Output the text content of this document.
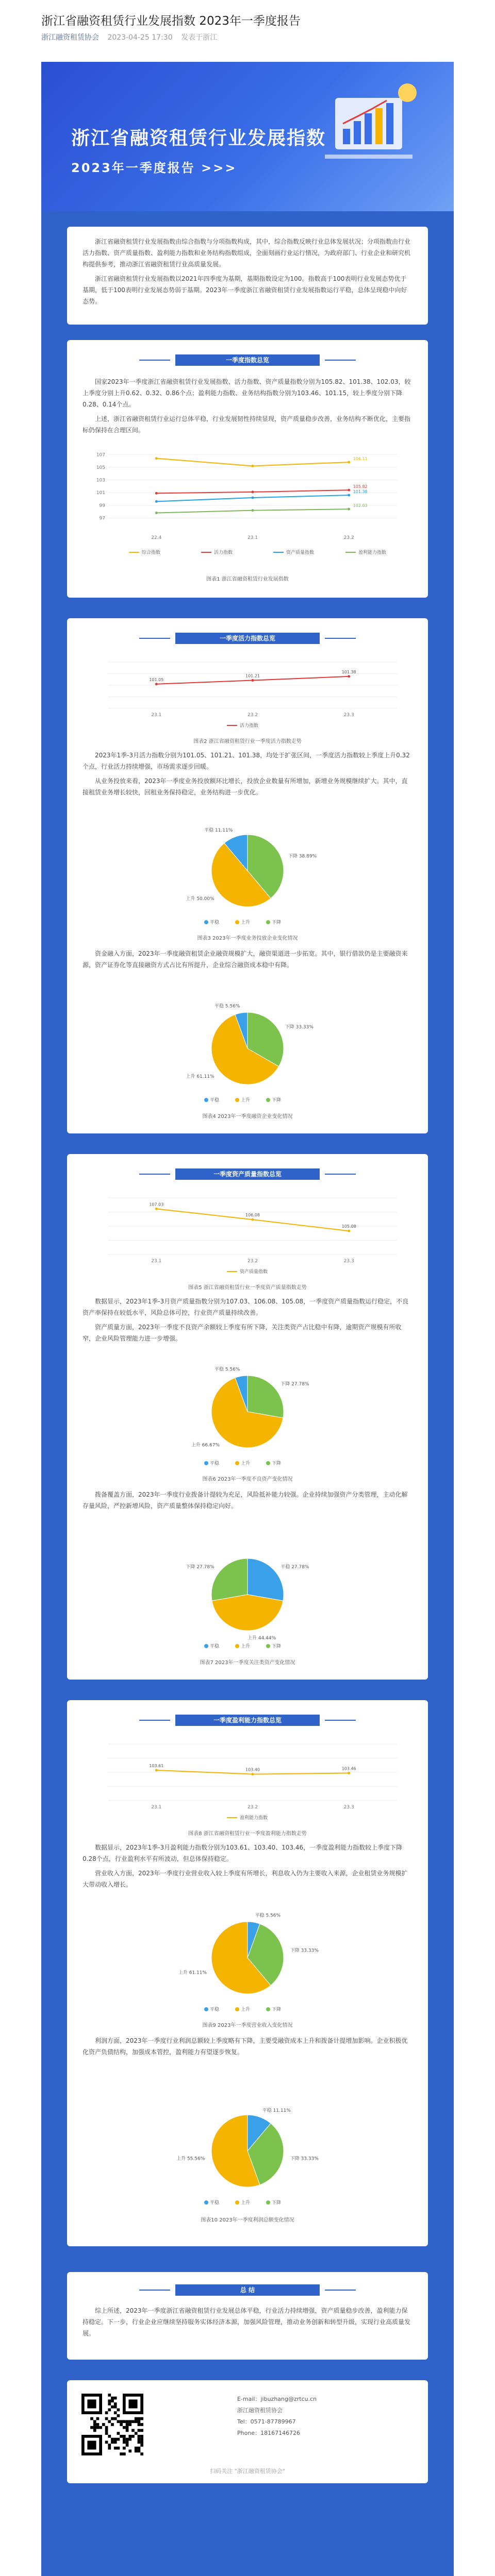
浙江省融资租赁行业发展指数 2023年一季度报告
浙江融资租赁协会 2023-04-25 17:30 发表于浙江
浙江省融资租赁行业发展指数
2023年一季度报告 >>>

浙江省融资租赁行业发展指数由综合指数与分项指数构成，其中，综合指数反映行业总体发展状况；分项指数由行业活力指数、资产质量指数、盈利能力指数和业务结构指数组成，全面刻画行业运行情况，为政府部门、行业企业和研究机构提供参考，推动浙江省融资租赁行业高质量发展。

浙江省融资租赁行业发展指数以2021年四季度为基期，基期指数设定为100。指数高于100表明行业发展态势优于基期，低于100表明行业发展态势弱于基期。2023年一季度浙江省融资租赁行业发展指数运行平稳，总体呈现稳中向好态势。

一季度指数总览

国家2023年一季度浙江省融资租赁行业发展指数、活力指数、资产质量指数分别为105.82、101.38、102.03，较上季度分别上升0.62、0.32、0.86个点；盈利能力指数、业务结构指数分别为103.46、101.15，较上季度分别下降0.28、0.14个点。

上述，浙江省融资租赁行业运行总体平稳，行业发展韧性持续显现，资产质量稳步改善，业务结构不断优化，主要指标仍保持在合理区间。

107
105
103
101
99
97
22.4	23.1	23.2
106.11
105.82
101.38
102.03
综合指数	活力指数	资产质量指数	盈利能力指数
图表1 浙江省融资租赁行业发展指数
一季度活力指数总览
23.1	23.2	23.3
101.05
101.21
101.38
活力指数
图表2 浙江省融资租赁行业一季度活力指数走势

2023年1季-3月活力指数分别为101.05、101.21、101.38，均处于扩张区间，一季度活力指数较上季度上升0.32个点，行业活力持续增强，市场需求逐步回暖。

从业务投放来看，2023年一季度业务投放额环比增长，投放企业数量有所增加，新增业务规模继续扩大。其中，直接租赁业务增长较快，回租业务保持稳定，业务结构进一步优化。

下降 38.89%
上升 50.00%
平稳 11.11%
平稳	上升	下降
图表3 2023年一季度业务投放企业变化情况

资金融入方面，2023年一季度融资租赁企业融资规模扩大，融资渠道进一步拓宽。其中，银行借款仍是主要融资来源，资产证券化等直接融资方式占比有所提升，企业综合融资成本稳中有降。

下降 33.33%
上升 61.11%
平稳 5.56%
平稳	上升	下降
图表4 2023年一季度融资企业变化情况
一季度资产质量指数总览
23.1	23.2	23.3
107.03
106.08
105.08
资产质量指数
图表5 浙江省融资租赁行业一季度资产质量指数走势

数据显示，2023年1季-3月资产质量指数分别为107.03、106.08、105.08，一季度资产质量指数运行稳定，不良资产率保持在较低水平，风险总体可控，行业资产质量持续改善。

资产质量方面，2023年一季度不良资产余额较上季度有所下降，关注类资产占比稳中有降，逾期资产规模有所收窄，企业风险管理能力进一步增强。

下降 27.78%
上升 66.67%
平稳 5.56%
平稳	上升	下降
图表6 2023年一季度不良资产变化情况

拨备覆盖方面，2023年一季度行业拨备计提较为充足，风险抵补能力较强。企业持续加强资产分类管理，主动化解存量风险，严控新增风险，资产质量整体保持稳定向好。

平稳 27.78%
上升 44.44%
下降 27.78%
平稳	上升	下降
图表7 2023年一季度关注类资产变化情况
一季度盈利能力指数总览
23.1	23.2	23.3
103.61
103.40	103.46
盈利能力指数
图表8 浙江省融资租赁行业一季度盈利能力指数走势

数据显示，2023年1季-3月盈利能力指数分别为103.61、103.40、103.46，一季度盈利能力指数较上季度下降0.28个点，行业盈利水平有所波动，但总体保持稳定。

营业收入方面，2023年一季度行业营业收入较上季度有所增长，利息收入仍为主要收入来源，企业租赁业务规模扩大带动收入增长。

平稳 5.56%
下降 33.33%
上升 61.11%
平稳	上升	下降
图表9 2023年一季度营业收入变化情况

利润方面，2023年一季度行业利润总额较上季度略有下降，主要受融资成本上升和拨备计提增加影响。企业积极优化资产负债结构，加强成本管控，盈利能力有望逐步恢复。

平稳 11.11%
下降 33.33%
上升 55.56%
平稳	上升	下降
图表10 2023年一季度利润总额变化情况
总 结

综上所述，2023年一季度浙江省融资租赁行业发展总体平稳，行业活力持续增强，资产质量稳步改善，盈利能力保持稳定。下一步，行业企业应继续坚持服务实体经济本源，加强风险管理，推动业务创新和转型升级，实现行业高质量发展。

E-mail：jibuzhang@zrtcu.cn
浙江融资租赁协会
Tel：0571-87789967
Phone：18167146726
扫码关注 "浙江融资租赁协会"
